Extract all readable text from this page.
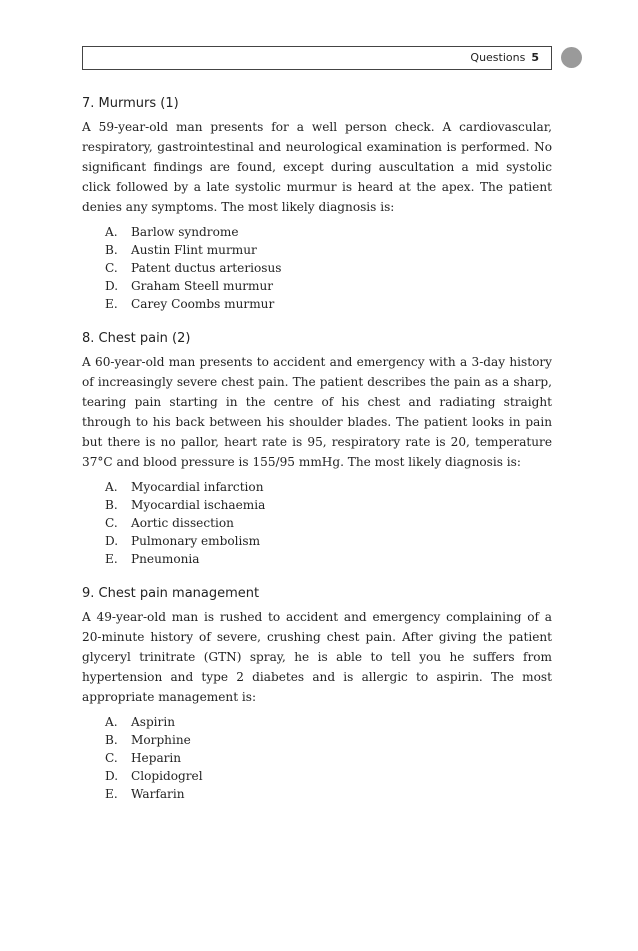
Questions 5
7. Murmurs (1)

A 59-year-old man presents for a well person check. A cardiovascular, respiratory, gastrointestinal and neurological examination is performed. No significant findings are found, except during auscultation a mid systolic click followed by a late systolic murmur is heard at the apex. The patient denies any symptoms. The most likely diagnosis is:

A. Barlow syndrome
B. Austin Flint murmur
C. Patent ductus arteriosus
D. Graham Steell murmur
E. Carey Coombs murmur
8. Chest pain (2)

A 60-year-old man presents to accident and emergency with a 3-day history of increasingly severe chest pain. The patient describes the pain as a sharp, tearing pain starting in the centre of his chest and radiating straight through to his back between his shoulder blades. The patient looks in pain but there is no pallor, heart rate is 95, respiratory rate is 20, temperature 37°C and blood pressure is 155/95 mmHg. The most likely diagnosis is:

A. Myocardial infarction
B. Myocardial ischaemia
C. Aortic dissection
D. Pulmonary embolism
E. Pneumonia
9. Chest pain management

A 49-year-old man is rushed to accident and emergency complaining of a 20-minute history of severe, crushing chest pain. After giving the patient glyceryl trinitrate (GTN) spray, he is able to tell you he suffers from hypertension and type 2 diabetes and is allergic to aspirin. The most appropriate management is:

A. Aspirin
B. Morphine
C. Heparin
D. Clopidogrel
E. Warfarin
